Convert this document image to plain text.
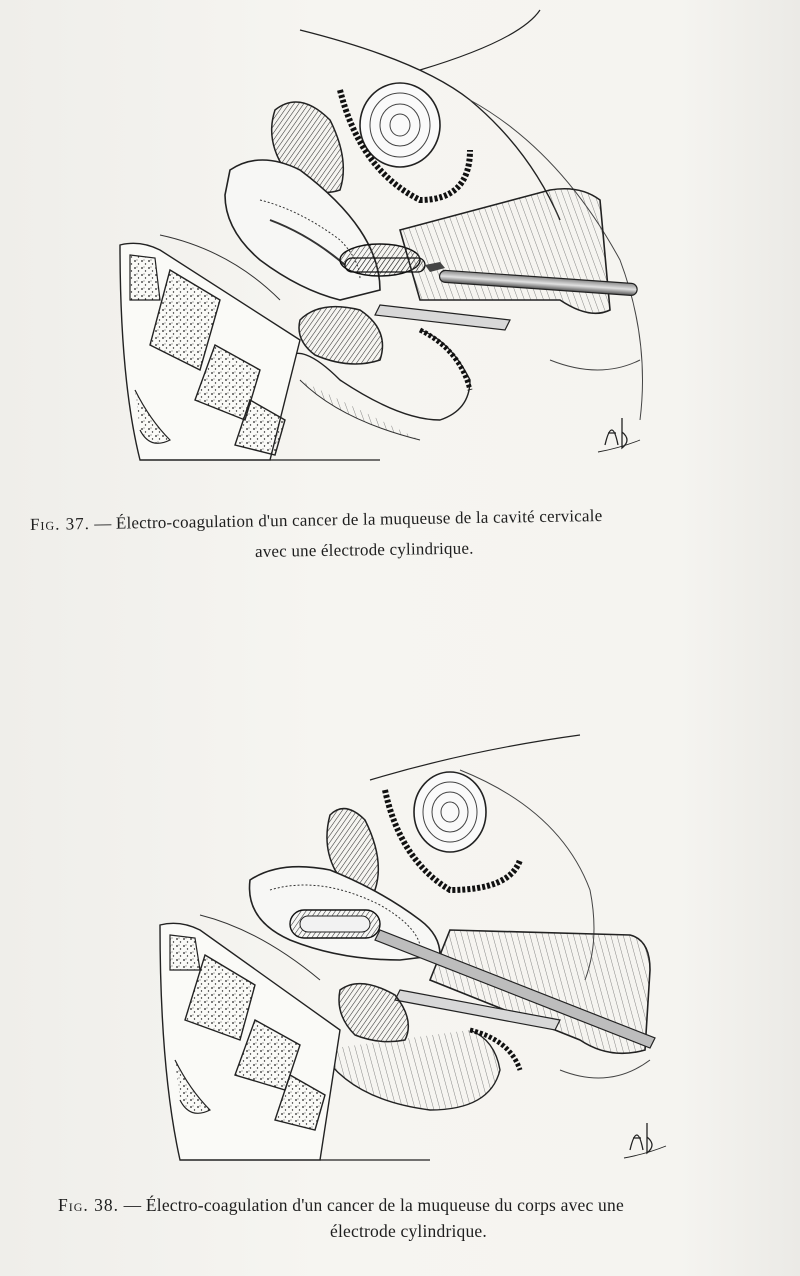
Fig. 37. — Électro-coagulation d'un cancer de la muqueuse de la cavité cervicale
avec une électrode cylindrique.
Fig. 38. — Électro-coagulation d'un cancer de la muqueuse du corps avec une
électrode cylindrique.
